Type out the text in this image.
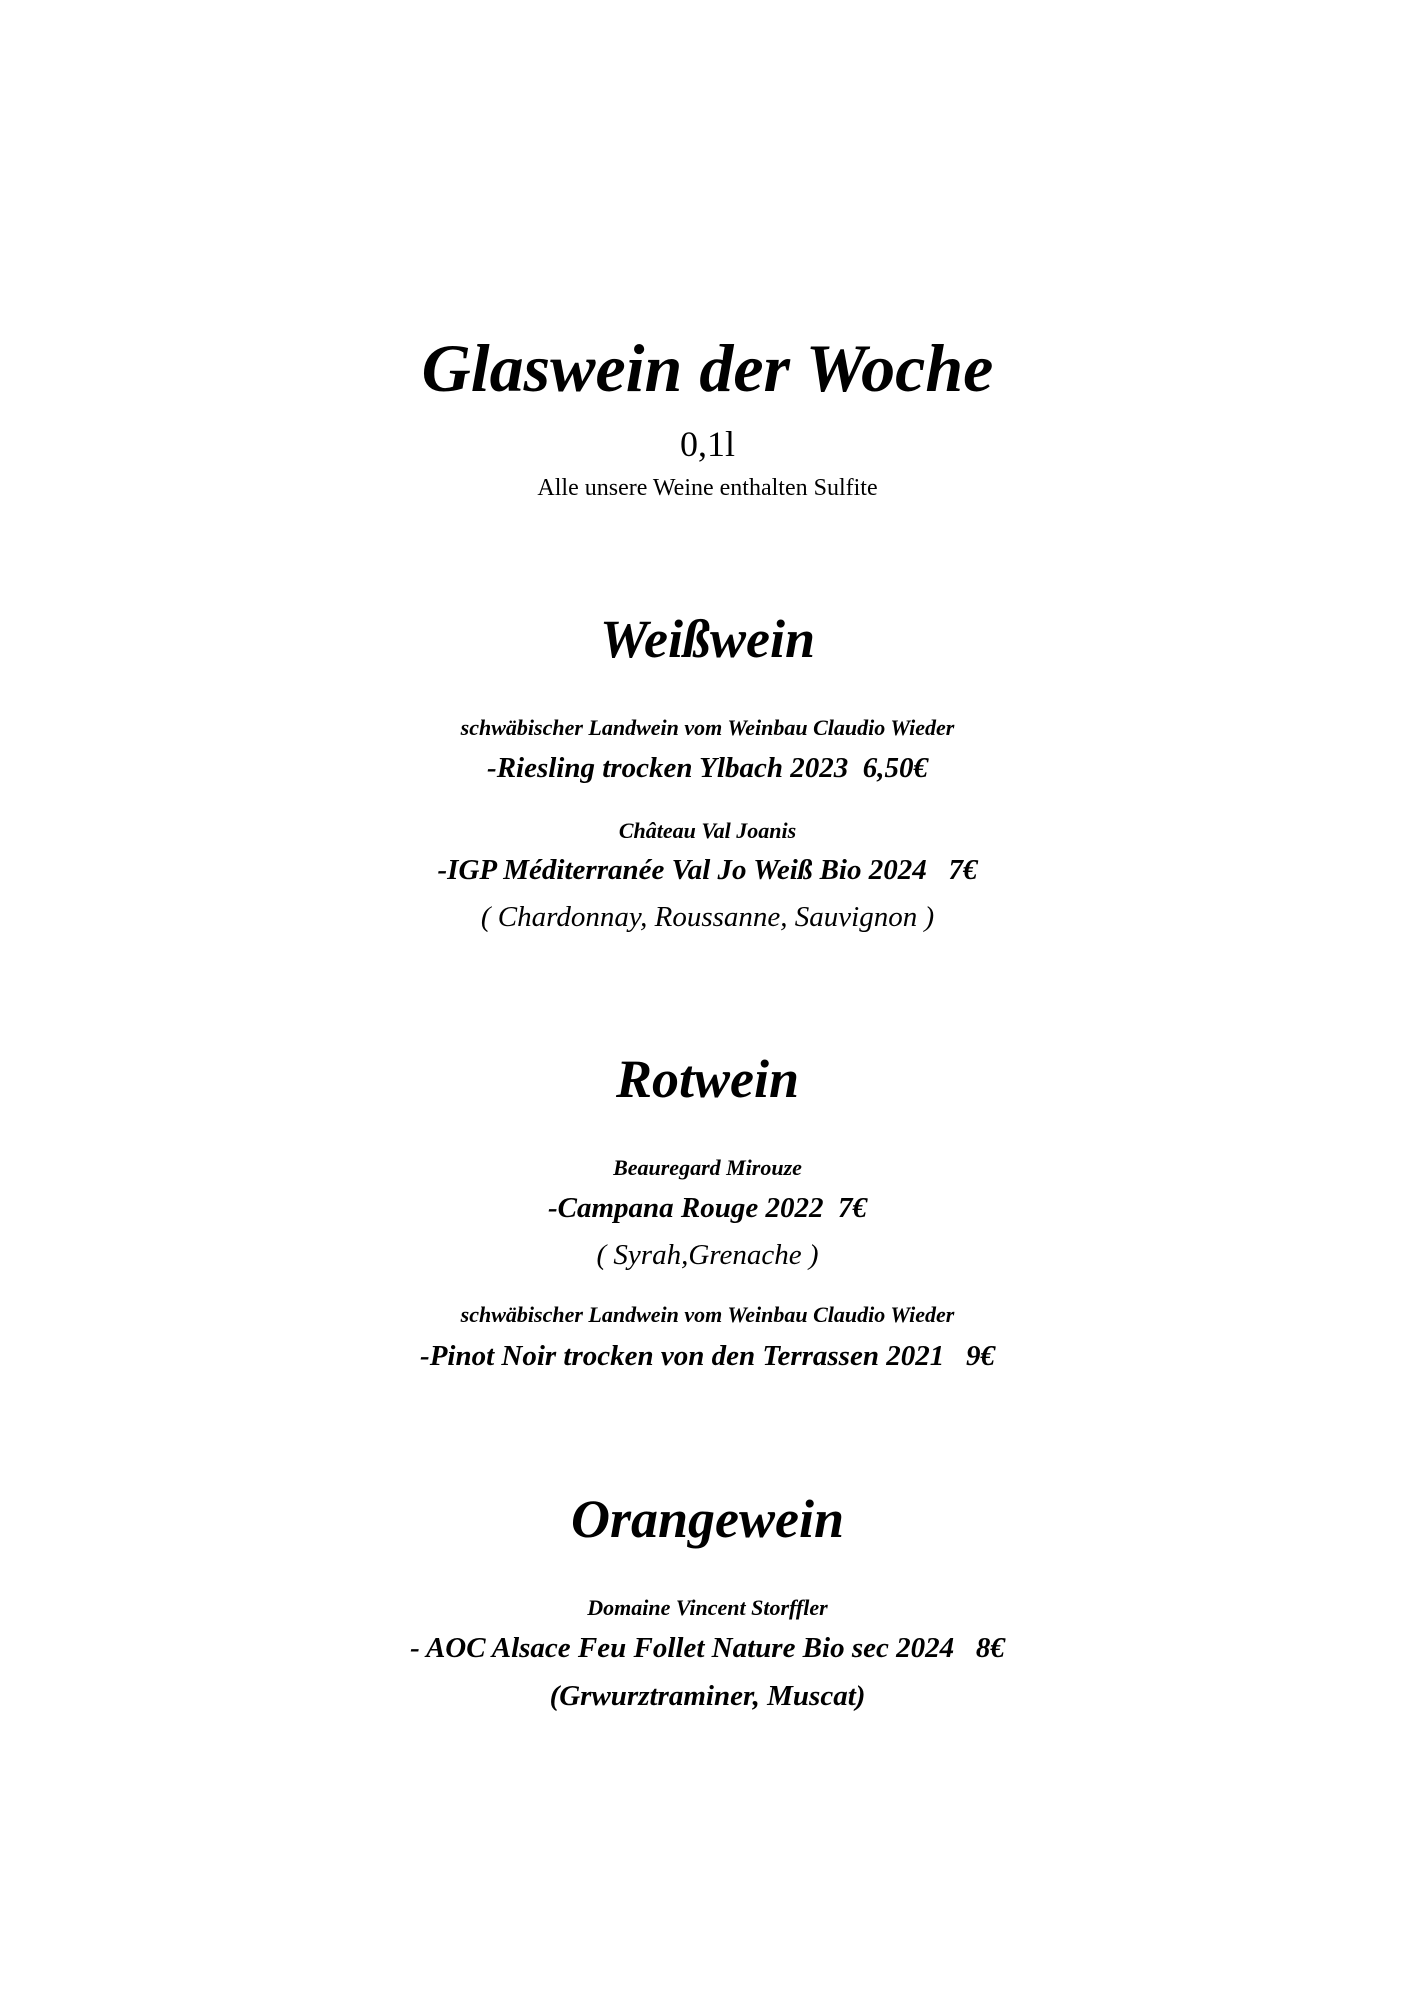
Glaswein der Woche
0,1l
Alle unsere Weine enthalten Sulfite
Weißwein
schwäbischer Landwein vom Weinbau Claudio Wieder
-Riesling trocken Ylbach 2023 6,50€
Château Val Joanis
-IGP Méditerranée Val Jo Weiß Bio 2024 7€
( Chardonnay, Roussanne, Sauvignon )
Rotwein
Beauregard Mirouze
-Campana Rouge 2022 7€
( Syrah,Grenache )
schwäbischer Landwein vom Weinbau Claudio Wieder
-Pinot Noir trocken von den Terrassen 2021 9€
Orangewein
Domaine Vincent Storffler
- AOC Alsace Feu Follet Nature Bio sec 2024 8€
(Grwurztraminer, Muscat)
